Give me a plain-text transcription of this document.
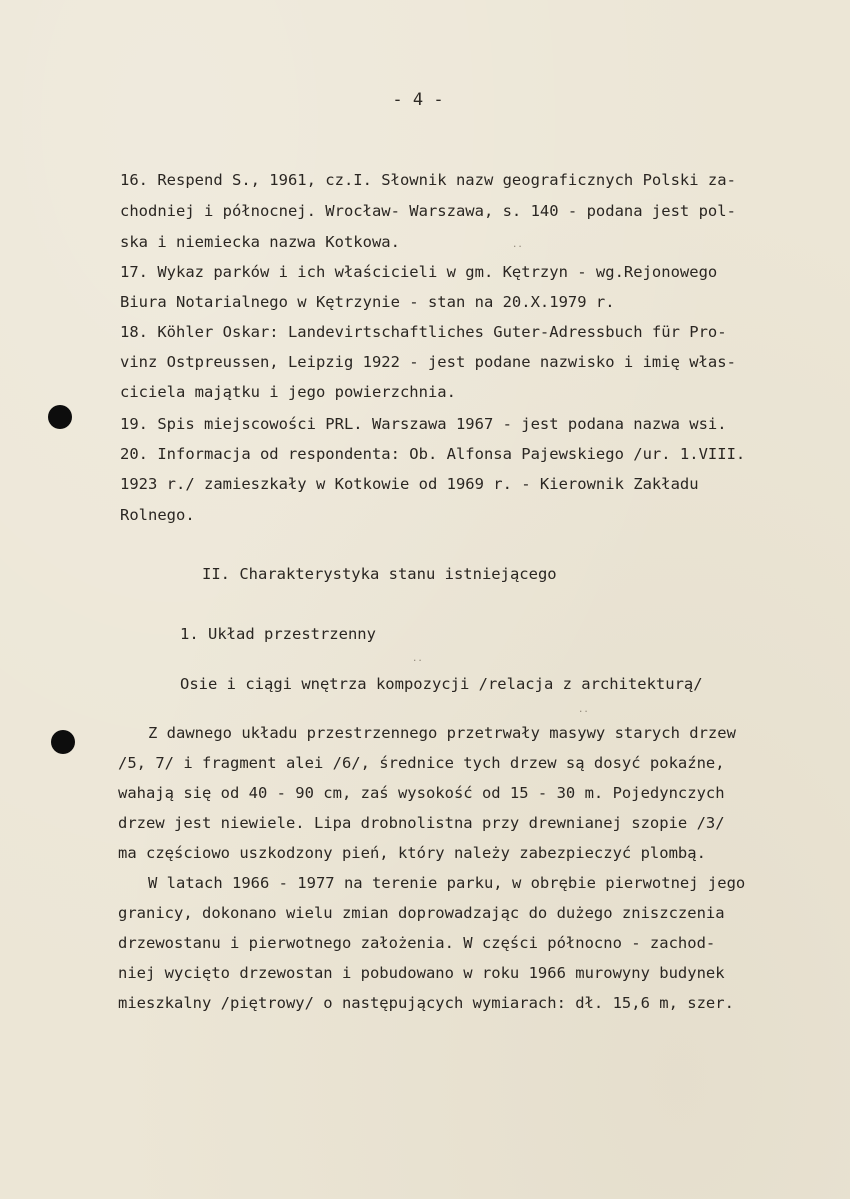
- 4 -
16. Respend S., 1961, cz.I. Słownik nazw geograficznych Polski za-
chodniej i północnej. Wrocław- Warszawa, s. 140 - podana jest pol-
ska i niemiecka nazwa Kotkowa.
17. Wykaz parków i ich właścicieli w gm. Kętrzyn - wg.Rejonowego
Biura Notarialnego w Kętrzynie - stan na 20.X.1979 r.
18. Köhler Oskar: Landevirtschaftliches Guter-Adressbuch für Pro-
vinz Ostpreussen, Leipzig 1922 - jest podane nazwisko i imię włas-
ciciela majątku i jego powierzchnia.
19. Spis miejscowości PRL. Warszawa 1967 - jest podana nazwa wsi.
20. Informacja od respondenta: Ob. Alfonsa Pajewskiego /ur. 1.VIII.
1923 r./ zamieszkały w Kotkowie od 1969 r. - Kierownik Zakładu
Rolnego.
II. Charakterystyka stanu istniejącego
1. Układ przestrzenny
Osie i ciągi wnętrza kompozycji /relacja z architekturą/
Z dawnego układu przestrzennego przetrwały masywy starych drzew
/5, 7/ i fragment alei /6/, średnice tych drzew są dosyć pokaźne,
wahają się od 40 - 90 cm, zaś wysokość od 15 - 30 m. Pojedynczych
drzew jest niewiele. Lipa drobnolistna przy drewnianej szopie /3/
ma częściowo uszkodzony pień, który należy zabezpieczyć plombą.
W latach 1966 - 1977 na terenie parku, w obrębie pierwotnej jego
granicy, dokonano wielu zmian doprowadzając do dużego zniszczenia
drzewostanu i pierwotnego założenia. W części północno - zachod-
niej wycięto drzewostan i pobudowano w roku 1966 murowyny budynek
mieszkalny /piętrowy/ o następujących wymiarach: dł. 15,6 m, szer.
..
..
..
